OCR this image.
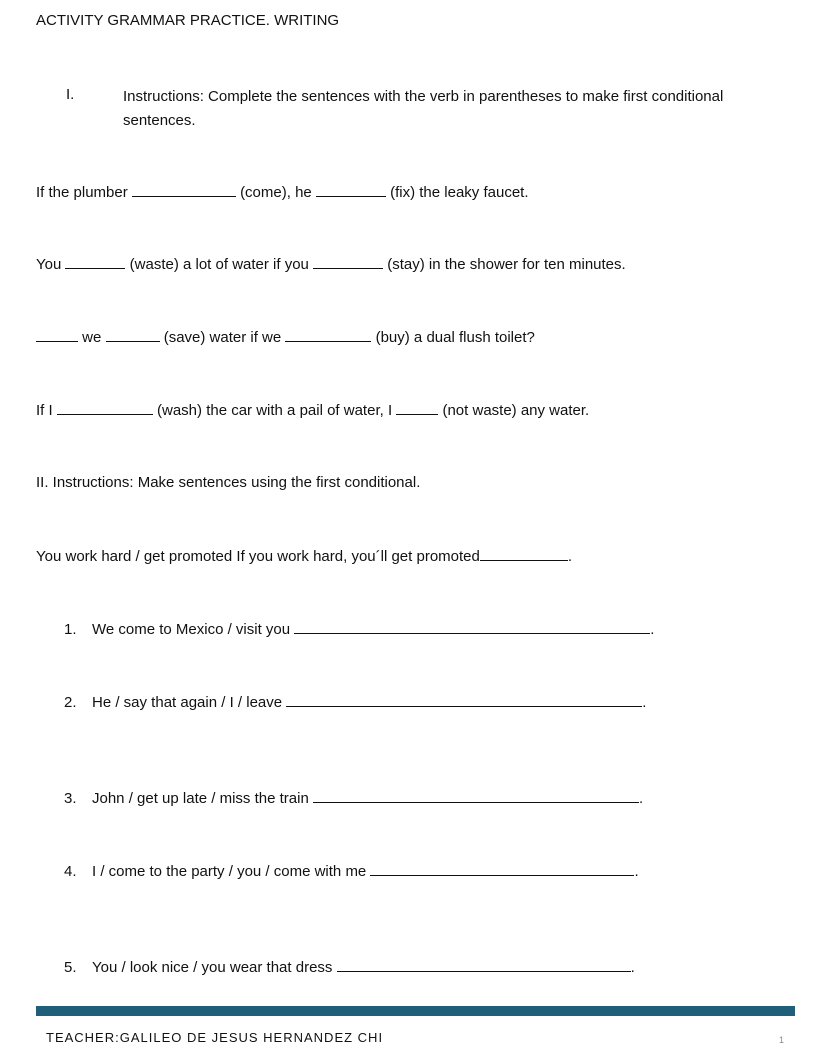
ACTIVITY GRAMMAR PRACTICE. WRITING
I.	Instructions: Complete the sentences with the verb in parentheses to make first conditional sentences.
If the plumber	(come), he	(fix) the leaky faucet.
You	(waste) a lot of water if you	(stay) in the shower for ten minutes.
we	(save) water if we	(buy) a dual flush toilet?
If I	(wash) the car with a pail of water, I	(not waste) any water.
II. Instructions: Make sentences using the first conditional.
You work hard / get promoted If you work hard, you´ll get promoted	.
1. We come to Mexico / visit you	.
2. He / say that again / I / leave	.
3. John / get up late / miss the train	.
4. I / come to the party / you / come with me	.
5. You / look nice / you wear that dress	.
TEACHER:GALILEO DE JESUS HERNANDEZ CHI	1
